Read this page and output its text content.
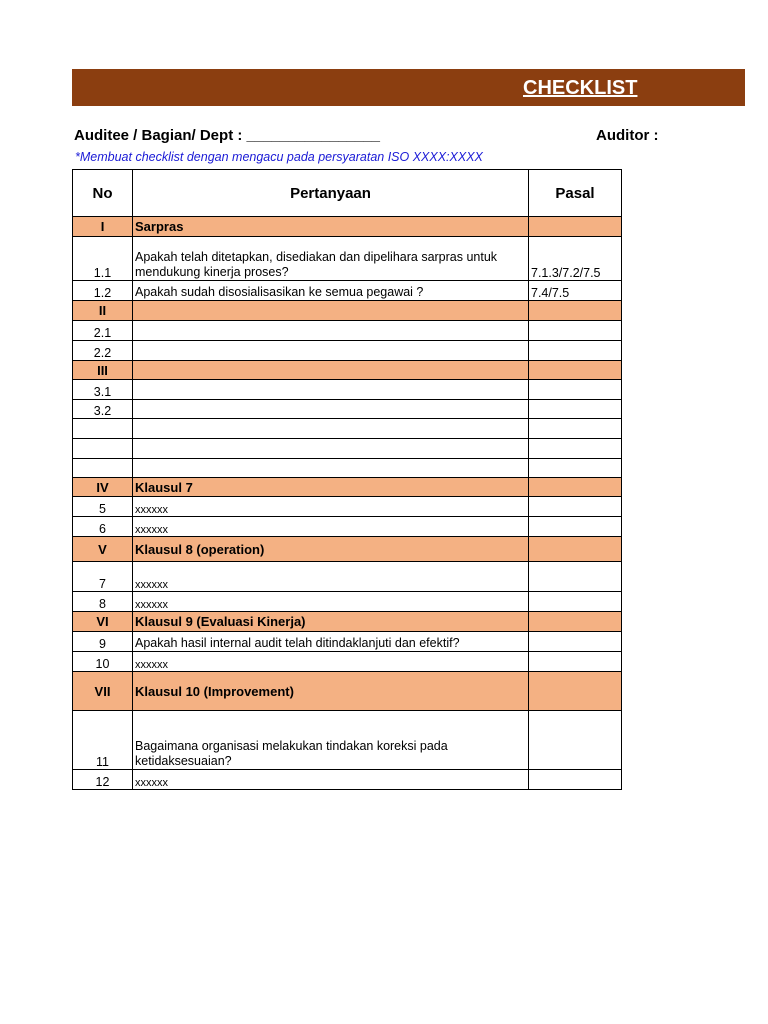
CHECKLIST
Auditee / Bagian/ Dept : ________________	Auditor :
*Membuat checklist dengan mengacu pada persyaratan ISO XXXX:XXXX
No	Pertanyaan	Pasal
I	Sarpras	
1.1	Apakah telah ditetapkan, disediakan dan dipelihara sarpras untuk mendukung kinerja proses?	7.1.3/7.2/7.5
1.2	Apakah sudah disosialisasikan ke semua pegawai ?	7.4/7.5
II		
2.1		
2.2		
III		
3.1		
3.2		

IV	Klausul 7	
5	xxxxxx	
6	xxxxxx	
V	Klausul 8 (operation)	
7	xxxxxx	
8	xxxxxx	
VI	Klausul 9 (Evaluasi Kinerja)	
9	Apakah hasil internal audit telah ditindaklanjuti dan efektif?	
10	xxxxxx	
VII	Klausul 10 (Improvement)	
11	Bagaimana organisasi melakukan tindakan koreksi pada ketidaksesuaian?	
12	xxxxxx	
